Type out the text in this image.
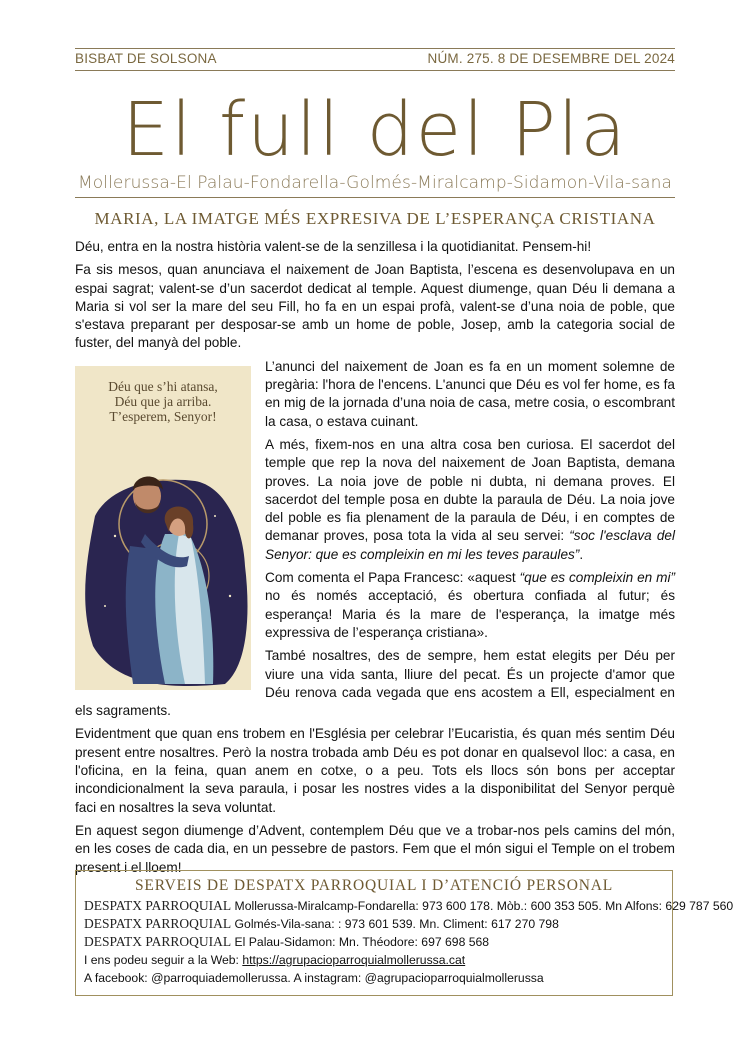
BISBAT DE SOLSONA	NÚM. 275. 8 DE DESEMBRE DEL 2024
El full del Pla
Mollerussa-El Palau-Fondarella-Golmés-Miralcamp-Sidamon-Vila-sana
MARIA, LA IMATGE MÉS EXPRESIVA DE L’ESPERANÇA CRISTIANA

Déu, entra en la nostra història valent-se de la senzillesa i la quotidianitat. Pensem-hi!

Fa sis mesos, quan anunciava el naixement de Joan Baptista, l’escena es desenvolupava en un espai sagrat; valent-se d’un sacerdot dedicat al temple. Aquest diumenge, quan Déu li demana a Maria si vol ser la mare del seu Fill, ho fa en un espai profà, valent-se d’una noia de poble, que s'estava preparant per desposar-se amb un home de poble, Josep, amb la categoria social de fuster, del manyà del poble.

Déu que s’hi atansa,
Déu que ja arriba.
T’esperem, Senyor!

L’anunci del naixement de Joan es fa en un moment solemne de pregària: l'hora de l'encens. L'anunci que Déu es vol fer home, es fa en mig de la jornada d’una noia de casa, metre cosia, o escombrant la casa, o estava cuinant.

A més, fixem-nos en una altra cosa ben curiosa. El sacerdot del temple que rep la nova del naixement de Joan Baptista, demana proves. La noia jove de poble ni dubta, ni demana proves. El sacerdot del temple posa en dubte la paraula de Déu. La noia jove del poble es fia plenament de la paraula de Déu, i en comptes de demanar proves, posa tota la vida al seu servei: “soc l'esclava del Senyor: que es compleixin en mi les teves paraules”.

Com comenta el Papa Francesc: «aquest “que es compleixin en mi” no és només acceptació, és obertura confiada al futur; és esperança! Maria és la mare de l'esperança, la imatge més expressiva de l’esperança cristiana».

També nosaltres, des de sempre, hem estat elegits per Déu per viure una vida santa, lliure del pecat. És un projecte d'amor que Déu renova cada vegada que ens acostem a Ell, especialment en els sagraments.

Evidentment que quan ens trobem en l'Església per celebrar l’Eucaristia, és quan més sentim Déu present entre nosaltres. Però la nostra trobada amb Déu es pot donar en qualsevol lloc: a casa, en l'oficina, en la feina, quan anem en cotxe, o a peu. Tots els llocs són bons per acceptar incondicionalment la seva paraula, i posar les nostres vides a la disponibilitat del Senyor perquè faci en nosaltres la seva voluntat.

En aquest segon diumenge d’Advent, contemplem Déu que ve a trobar-nos pels camins del món, en les coses de cada dia, en un pessebre de pastors. Fem que el món sigui el Temple on el trobem present i el lloem!

SERVEIS DE DESPATX PARROQUIAL I D’ATENCIÓ PERSONAL
DESPATX PARROQUIAL Mollerussa-Miralcamp-Fondarella: 973 600 178. Mòb.: 600 353 505. Mn Alfons: 629 787 560
DESPATX PARROQUIAL Golmés-Vila-sana: : 973 601 539. Mn. Climent: 617 270 798
DESPATX PARROQUIAL El Palau-Sidamon: Mn. Théodore: 697 698 568
I ens podeu seguir a la Web: https://agrupacioparroquialmollerussa.cat
A facebook: @parroquiademollerussa. A instagram: @agrupacioparroquialmollerussa
